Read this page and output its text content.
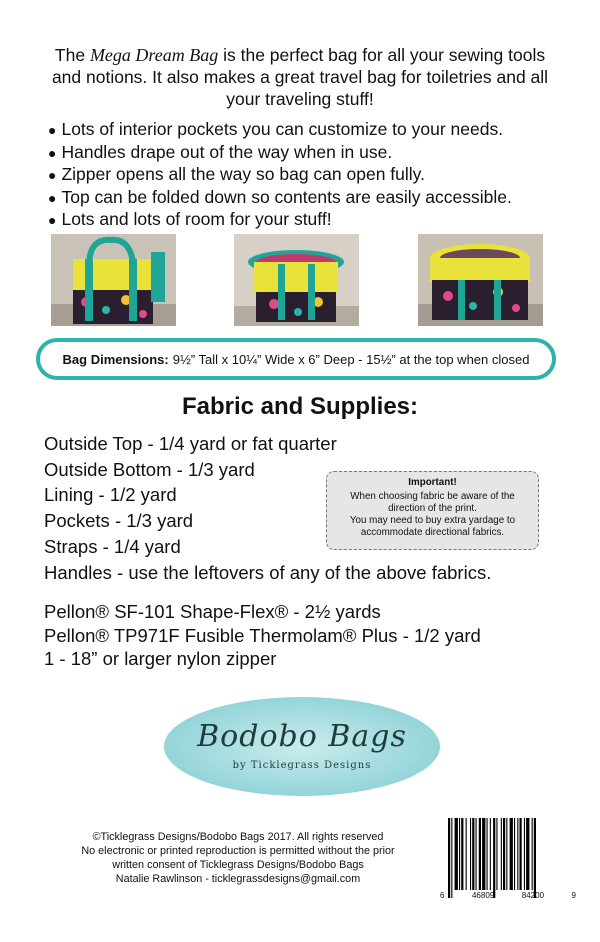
The Mega Dream Bag is the perfect bag for all your sewing tools and notions. It also makes a great travel bag for toiletries and all your traveling stuff!
● Lots of interior pockets you can customize to your needs.
● Handles drape out of the way when in use.
● Zipper opens all the way so bag can open fully.
● Top can be folded down so contents are easily accessible.
● Lots and lots of room for your stuff!
Bag Dimensions: 9½” Tall x 10¼” Wide x 6” Deep - 15½” at the top when closed
Fabric and Supplies:
Outside Top - 1/4 yard or fat quarter
Outside Bottom - 1/3 yard
Lining - 1/2 yard
Pockets - 1/3 yard
Straps - 1/4 yard
Handles - use the leftovers of any of the above fabrics.
Important!
When choosing fabric be aware of the
direction of the print.
You may need to buy extra yardage to
accommodate directional fabrics.
Pellon® SF-101 Shape-Flex® - 2½ yards
Pellon® TP971F Fusible Thermolam® Plus - 1/2 yard
1 - 18” or larger nylon zipper
Bodobo Bags
by Ticklegrass Designs
©Ticklegrass Designs/Bodobo Bags 2017. All rights reserved
No electronic or printed reproduction is permitted without the prior
written consent of Ticklegrass Designs/Bodobo Bags
Natalie Rawlinson - ticklegrassdesigns@gmail.com
6	46809	84200	9
